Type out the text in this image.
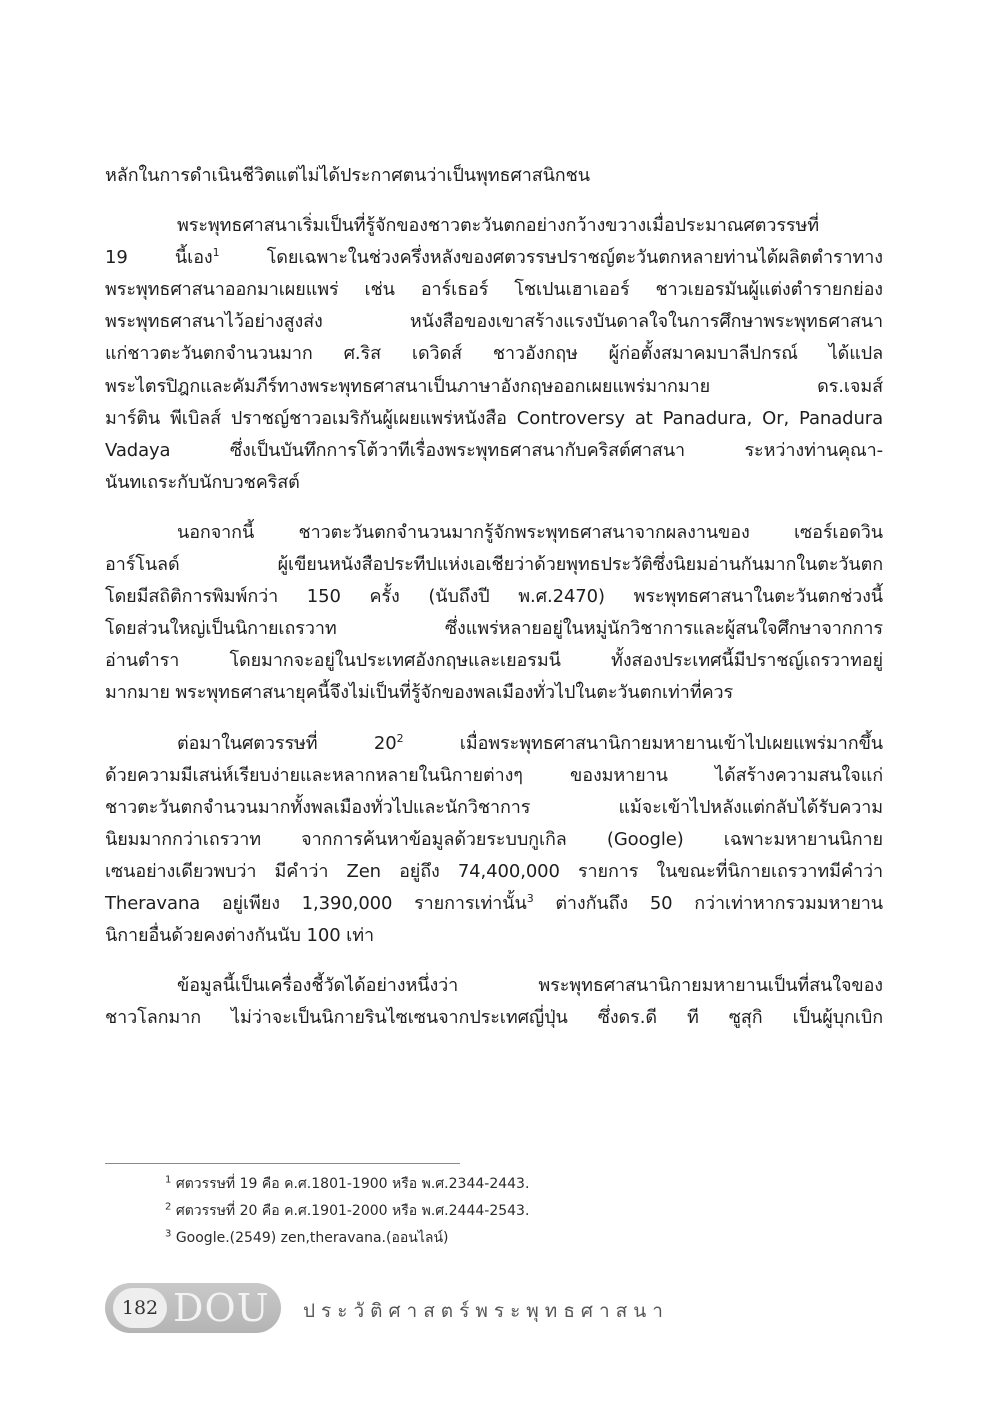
หลักในการดำเนินชีวิตแต่ไม่ได้ประกาศตนว่าเป็นพุทธศาสนิกชน
พระพุทธศาสนาเริ่มเป็นที่รู้จักของชาวตะวันตกอย่างกว้างขวางเมื่อประมาณศตวรรษที่
19 นี้เอง$^1$ โดยเฉพาะในช่วงครึ่งหลังของศตวรรษปราชญ์ตะวันตกหลายท่านได้ผลิตตำราทาง
พระพุทธศาสนาออกมาเผยแพร่ เช่น อาร์เธอร์ โชเปนเฮาเออร์ ชาวเยอรมันผู้แต่งตำรายกย่อง
พระพุทธศาสนาไว้อย่างสูงส่ง หนังสือของเขาสร้างแรงบันดาลใจในการศึกษาพระพุทธศาสนา
แก่ชาวตะวันตกจำนวนมาก ศ.ริส เดวิดส์ ชาวอังกฤษ ผู้ก่อตั้งสมาคมบาลีปกรณ์ ได้แปล
พระไตรปิฎกและคัมภีร์ทางพระพุทธศาสนาเป็นภาษาอังกฤษออกเผยแพร่มากมาย ดร.เจมส์
มาร์ติน พีเบิลส์ ปราชญ์ชาวอเมริกันผู้เผยแพร่หนังสือ Controversy at Panadura, Or, Panadura
Vadaya ซึ่งเป็นบันทึกการโต้วาทีเรื่องพระพุทธศาสนากับคริสต์ศาสนา ระหว่างท่านคุณา-
นันทเถระกับนักบวชคริสต์
นอกจากนี้ ชาวตะวันตกจำนวนมากรู้จักพระพุทธศาสนาจากผลงานของ เซอร์เอดวิน
อาร์โนลด์ ผู้เขียนหนังสือประทีปแห่งเอเชียว่าด้วยพุทธประวัติซึ่งนิยมอ่านกันมากในตะวันตก
โดยมีสถิติการพิมพ์กว่า 150 ครั้ง (นับถึงปี พ.ศ.2470) พระพุทธศาสนาในตะวันตกช่วงนี้
โดยส่วนใหญ่เป็นนิกายเถรวาท ซึ่งแพร่หลายอยู่ในหมู่นักวิชาการและผู้สนใจศึกษาจากการ
อ่านตำรา โดยมากจะอยู่ในประเทศอังกฤษและเยอรมนี ทั้งสองประเทศนี้มีปราชญ์เถรวาทอยู่
มากมาย พระพุทธศาสนายุคนี้จึงไม่เป็นที่รู้จักของพลเมืองทั่วไปในตะวันตกเท่าที่ควร
ต่อมาในศตวรรษที่ $20^2$ เมื่อพระพุทธศาสนานิกายมหายานเข้าไปเผยแพร่มากขึ้น
ด้วยความมีเสน่ห์เรียบง่ายและหลากหลายในนิกายต่างๆ ของมหายาน ได้สร้างความสนใจแก่
ชาวตะวันตกจำนวนมากทั้งพลเมืองทั่วไปและนักวิชาการ แม้จะเข้าไปหลังแต่กลับได้รับความ
นิยมมากกว่าเถรวาท จากการค้นหาข้อมูลด้วยระบบกูเกิล (Google) เฉพาะมหายานนิกาย
เซนอย่างเดียวพบว่า มีคำว่า Zen อยู่ถึง 74,400,000 รายการ ในขณะที่นิกายเถรวาทมีคำว่า
Theravana อยู่เพียง 1,390,000 รายการเท่านั้น$^3$ ต่างกันถึง 50 กว่าเท่าหากรวมมหายาน
นิกายอื่นด้วยคงต่างกันนับ 100 เท่า
ข้อมูลนี้เป็นเครื่องชี้วัดได้อย่างหนึ่งว่า พระพุทธศาสนานิกายมหายานเป็นที่สนใจของ
ชาวโลกมาก ไม่ว่าจะเป็นนิกายรินไซเซนจากประเทศญี่ปุ่น ซึ่งดร.ดี ที ซูสุกิ เป็นผู้บุกเบิก
$^1$ ศตวรรษที่ 19 คือ ค.ศ.1801-1900 หรือ พ.ศ.2344-2443.
$^2$ ศตวรรษที่ 20 คือ ค.ศ.1901-2000 หรือ พ.ศ.2444-2543.
$^3$ Google.(2549) zen,theravana.(ออนไลน์)
182 DOU ประวัติศาสตร์พระพุทธศาสนา
